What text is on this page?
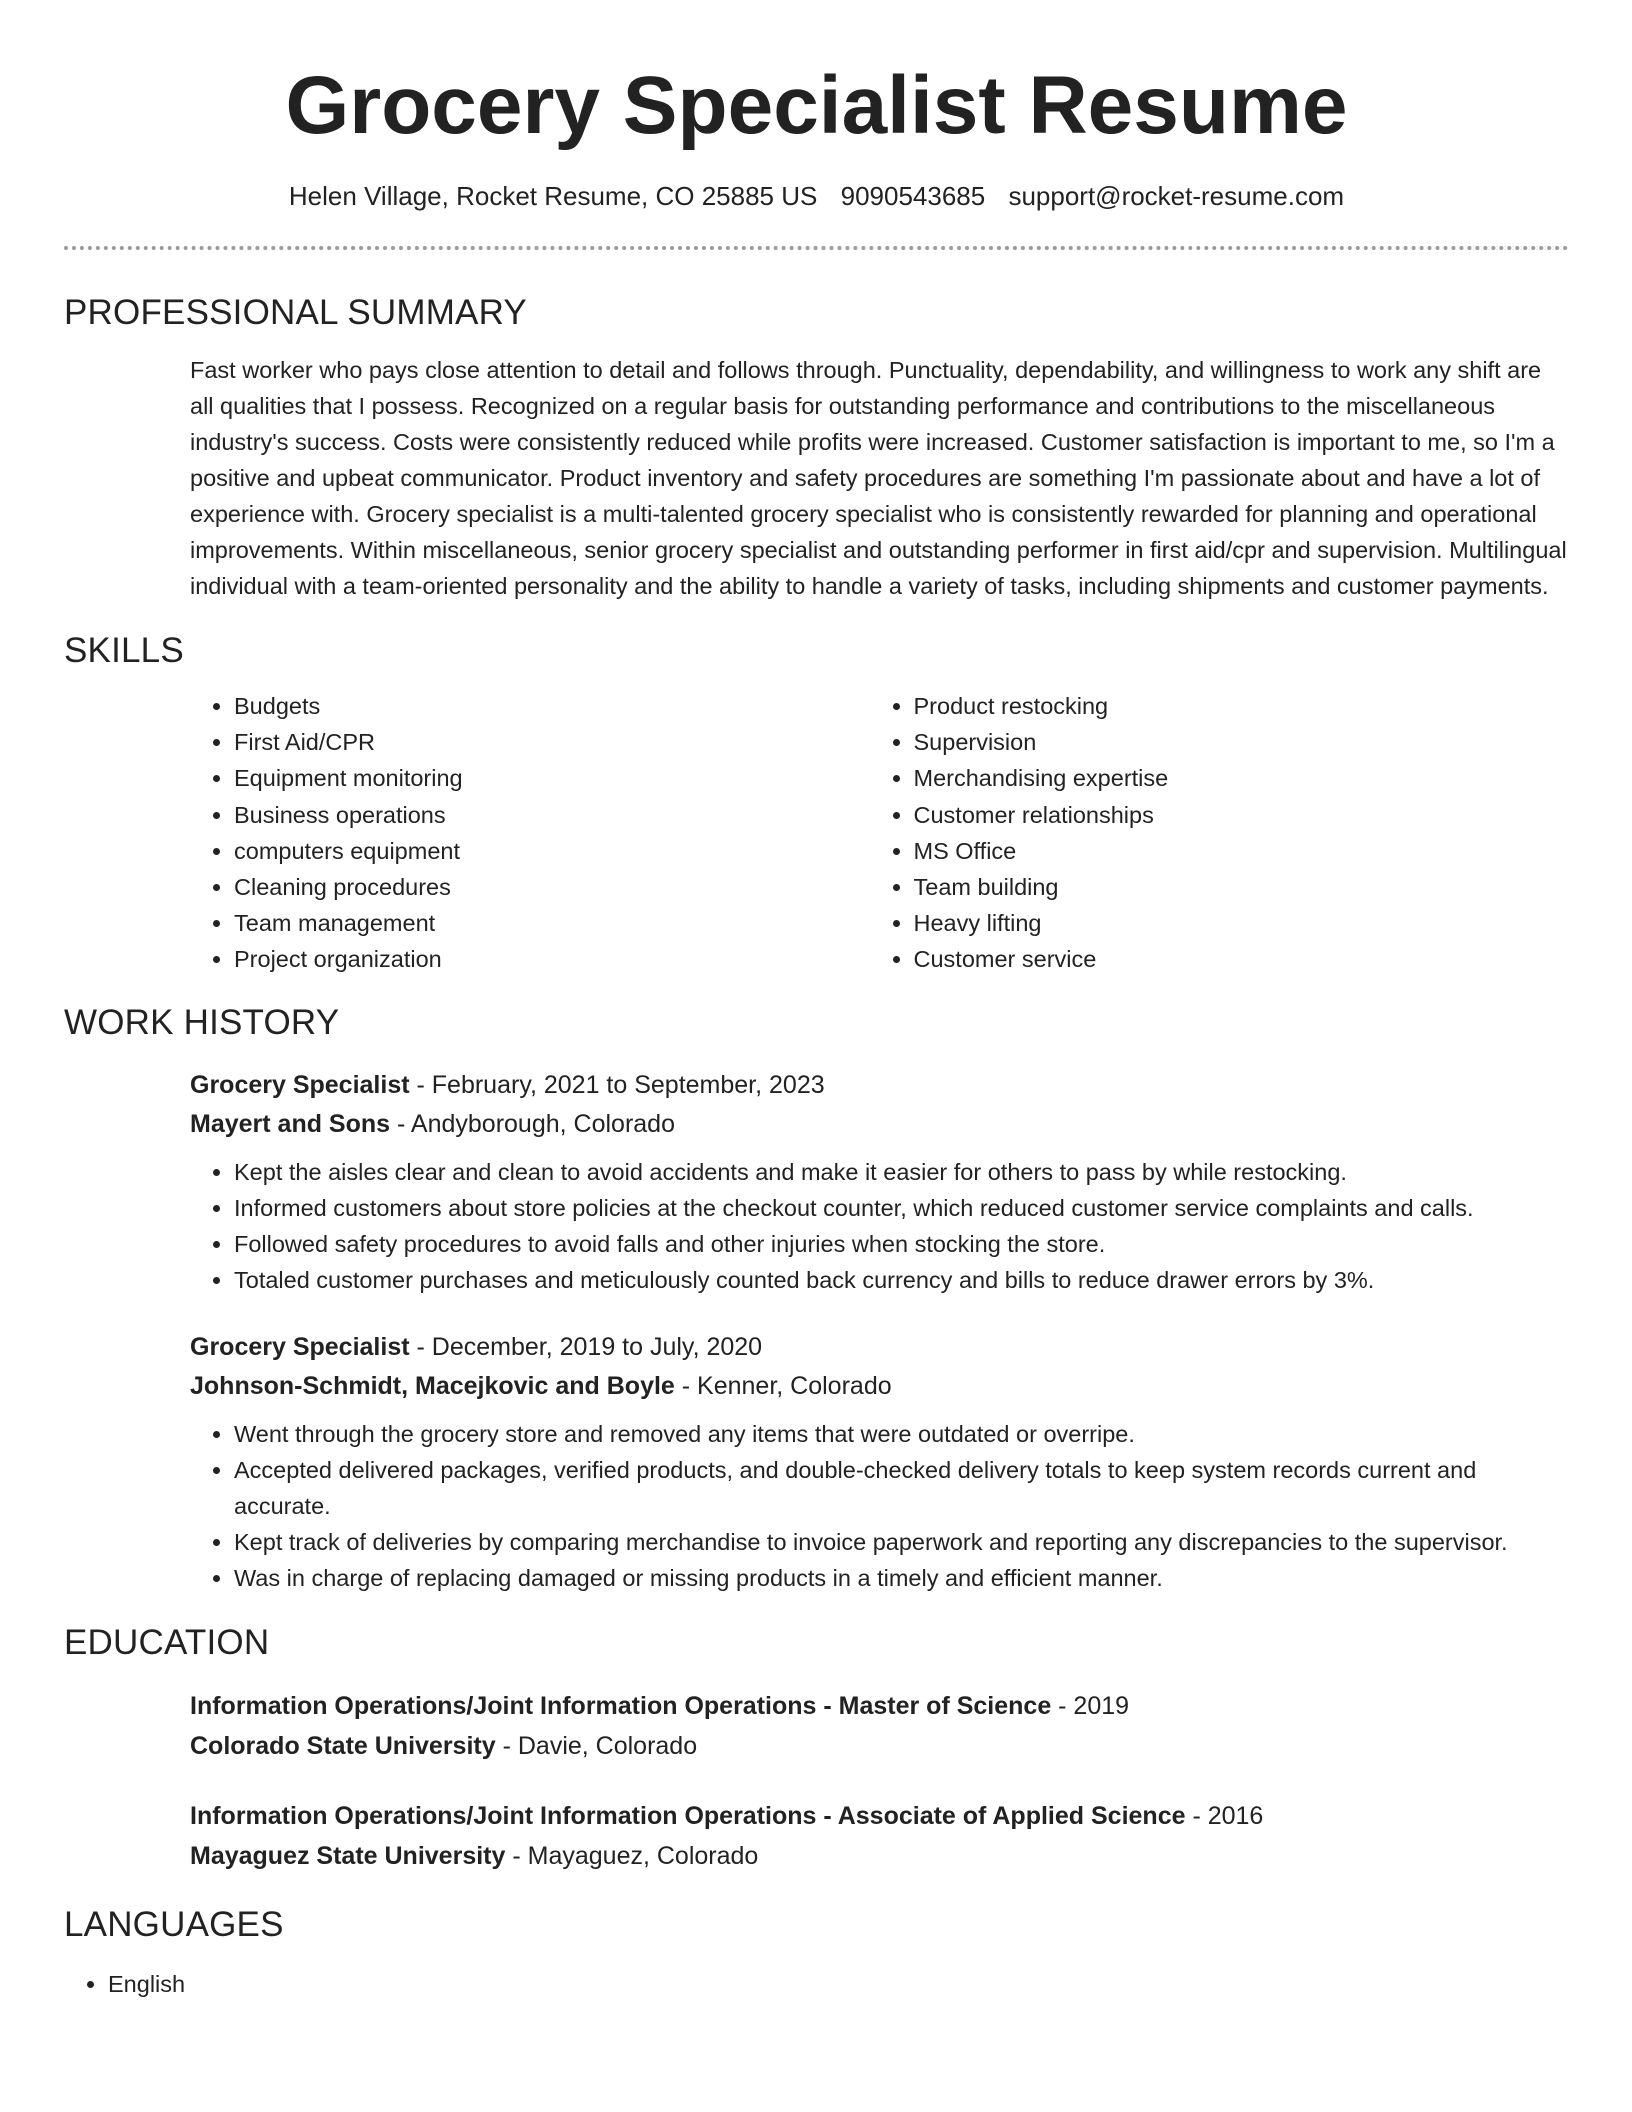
Grocery Specialist Resume
Helen Village, Rocket Resume, CO 25885 US 9090543685 support@rocket-resume.com
PROFESSIONAL SUMMARY
Fast worker who pays close attention to detail and follows through. Punctuality, dependability, and willingness to work any shift are all qualities that I possess. Recognized on a regular basis for outstanding performance and contributions to the miscellaneous industry's success. Costs were consistently reduced while profits were increased. Customer satisfaction is important to me, so I'm a positive and upbeat communicator. Product inventory and safety procedures are something I'm passionate about and have a lot of experience with. Grocery specialist is a multi-talented grocery specialist who is consistently rewarded for planning and operational improvements. Within miscellaneous, senior grocery specialist and outstanding performer in first aid/cpr and supervision. Multilingual individual with a team-oriented personality and the ability to handle a variety of tasks, including shipments and customer payments.
SKILLS
• Budgets
• First Aid/CPR
• Equipment monitoring
• Business operations
• computers equipment
• Cleaning procedures
• Team management
• Project organization
• Product restocking
• Supervision
• Merchandising expertise
• Customer relationships
• MS Office
• Team building
• Heavy lifting
• Customer service
WORK HISTORY
Grocery Specialist - February, 2021 to September, 2023
Mayert and Sons - Andyborough, Colorado
• Kept the aisles clear and clean to avoid accidents and make it easier for others to pass by while restocking.
• Informed customers about store policies at the checkout counter, which reduced customer service complaints and calls.
• Followed safety procedures to avoid falls and other injuries when stocking the store.
• Totaled customer purchases and meticulously counted back currency and bills to reduce drawer errors by 3%.
Grocery Specialist - December, 2019 to July, 2020
Johnson-Schmidt, Macejkovic and Boyle - Kenner, Colorado
• Went through the grocery store and removed any items that were outdated or overripe.
• Accepted delivered packages, verified products, and double-checked delivery totals to keep system records current and accurate.
• Kept track of deliveries by comparing merchandise to invoice paperwork and reporting any discrepancies to the supervisor.
• Was in charge of replacing damaged or missing products in a timely and efficient manner.
EDUCATION
Information Operations/Joint Information Operations - Master of Science - 2019
Colorado State University - Davie, Colorado
Information Operations/Joint Information Operations - Associate of Applied Science - 2016
Mayaguez State University - Mayaguez, Colorado
LANGUAGES
• English
